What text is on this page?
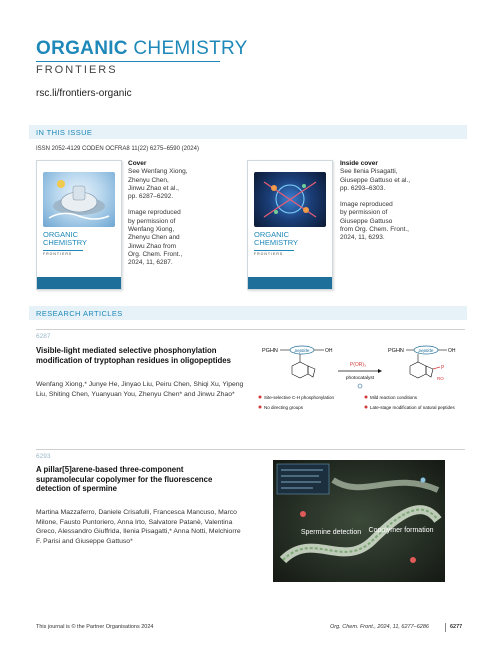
ORGANIC CHEMISTRY
FRONTIERS
rsc.li/frontiers-organic
IN THIS ISSUE
ISSN 2052-4129 CODEN OCFRA8 11(22) 6275–6590 (2024)

ORGANIC
CHEMISTRY
FRONTIERS
Cover
See Wenfang Xiong,
Zhenyu Chen,
Jinwu Zhao et al.,
pp. 6287–6292.
Image reproduced
by permission of
Wenfang Xiong,
Zhenyu Chen and
Jinwu Zhao from
Org. Chem. Front.,
2024, 11, 6287.

ORGANIC
CHEMISTRY
FRONTIERS
Inside cover
See Ilenia Pisagatti,
Giuseppe Gattuso et al.,
pp. 6293–6303.
Image reproduced
by permission of
Giuseppe Gattuso
from Org. Chem. Front.,
2024, 11, 6293.
RESEARCH ARTICLES
6287
Visible-light mediated selective phosphonylation modification of tryptophan residues in oligopeptides
Wenfang Xiong,* Junye He, Jinyao Liu, Peiru Chen, Shiqi Xu, Yipeng Liu, Shiting Chen, Yuanyuan You, Zhenyu Chen* and Jinwu Zhao*
PGHN	peptide	OH
P(OR)₃
photocatalyst
PGHN	peptide	OH
P
RO
Site-selective C-H phosphonylation	Mild reaction conditions
No directing groups	Late-stage modification of natural peptides
6293
A pillar[5]arene-based three-component supramolecular copolymer for the fluorescence detection of spermine
Martina Mazzaferro, Daniele Crisafulli, Francesca Mancuso, Marco Milone, Fausto Puntoriero, Anna Irto, Salvatore Patanè, Valentina Greco, Alessandro Giuffrida, Ilenia Pisagatti,* Anna Notti, Melchiorre F. Parisi and Giuseppe Gattuso*
Spermine detection Copolymer formation
This journal is © the Partner Organisations 2024	Org. Chem. Front., 2024, 11, 6277–6286	6277
